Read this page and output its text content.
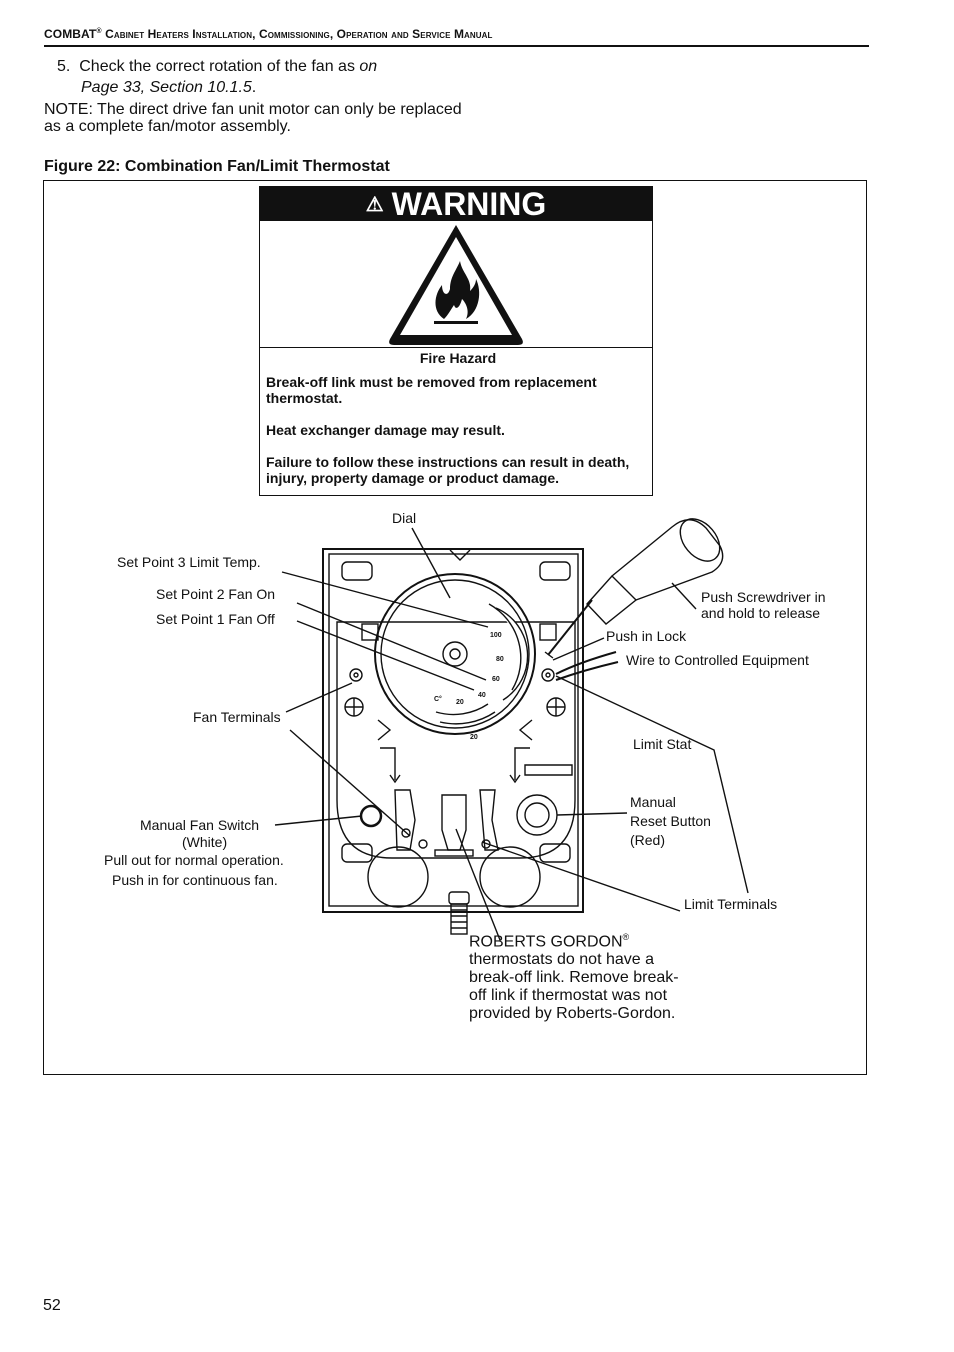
COMBAT® Cabinet Heaters Installation, Commissioning, Operation and Service Manual
5. Check the correct rotation of the fan as on
Page 33, Section 10.1.5.
NOTE: The direct drive fan unit motor can only be replaced as a complete fan/motor assembly.
Figure 22: Combination Fan/Limit Thermostat
⚠ WARNING
Fire Hazard

Break-off link must be removed from replacement thermostat.

Heat exchanger damage may result.

Failure to follow these instructions can result in death, injury, property damage or product damage.

20
20
40
60
80
100
C°
Dial
Set Point 3 Limit Temp.
Set Point 2 Fan On
Set Point 1 Fan Off
Fan Terminals
Manual Fan Switch
(White)
Pull out for normal operation.
Push in for continuous fan.
Push Screwdriver in
and hold to release
Push in Lock
Wire to Controlled Equipment
Limit Stat
Manual
Reset Button
(Red)
Limit Terminals
ROBERTS GORDON® thermostats do not have a break-off link. Remove break-off link if thermostat was not provided by Roberts-Gordon.
52
